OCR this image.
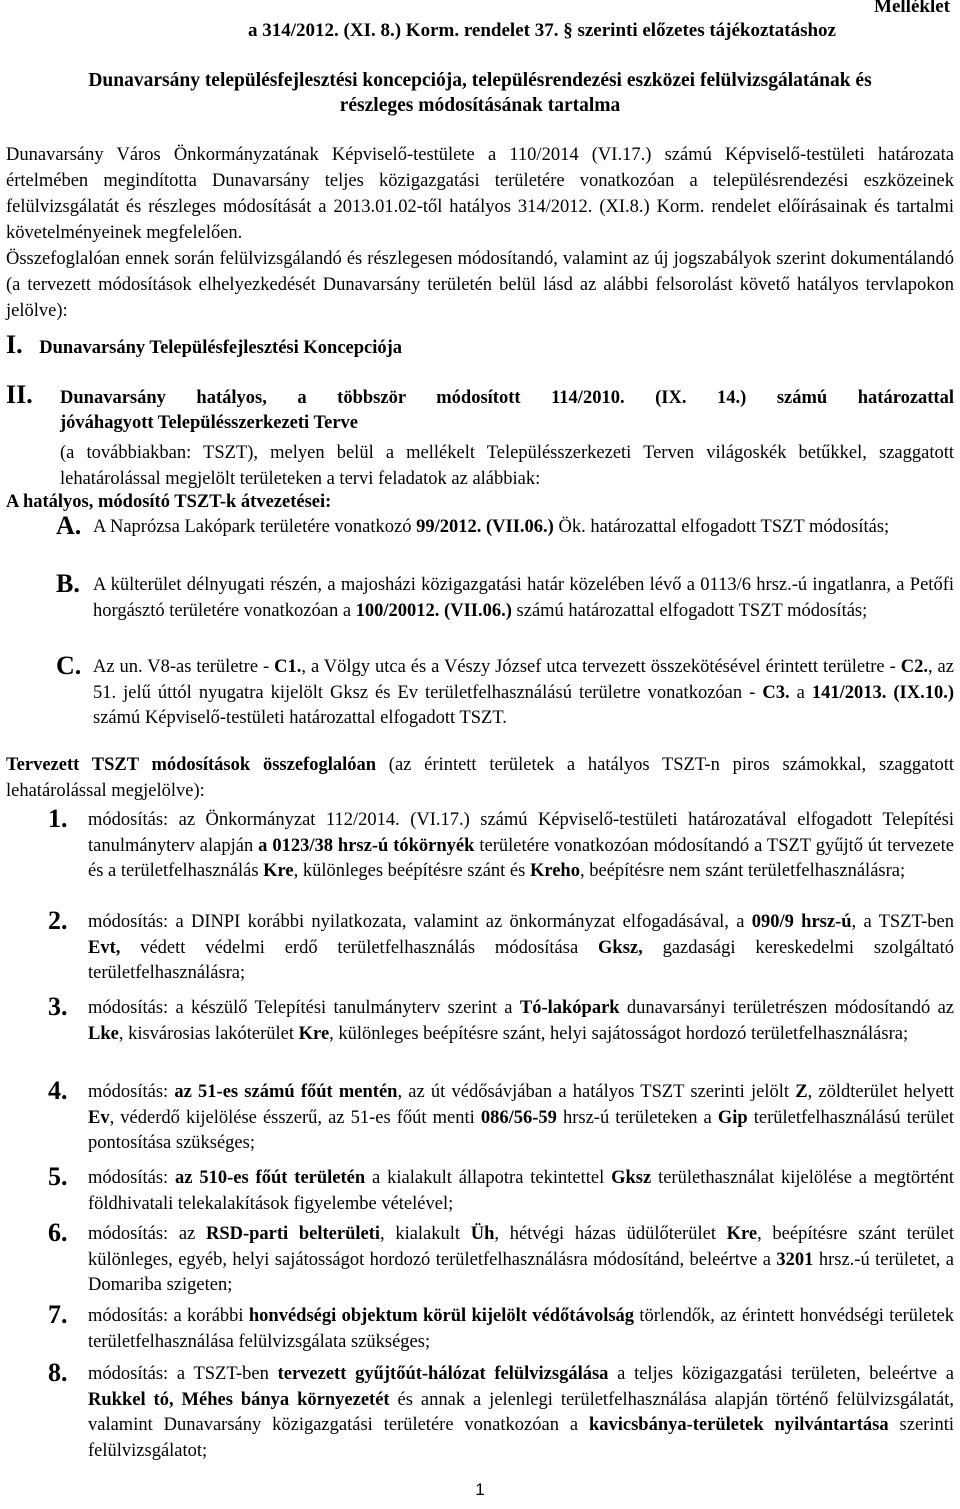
Melléklet
a 314/2012. (XI. 8.) Korm. rendelet 37. § szerinti előzetes tájékoztatáshoz
Dunavarsány településfejlesztési koncepciója, településrendezési eszközei felülvizsgálatának és
részleges módosításának tartalma

Dunavarsány Város Önkormányzatának Képviselő-testülete a 110/2014 (VI.17.) számú Képviselő-testületi határozata értelmében megindította Dunavarsány teljes közigazgatási területére vonatkozóan a településrendezési eszközeinek felülvizsgálatát és részleges módosítását a 2013.01.02-től hatályos 314/2012. (XI.8.) Korm. rendelet előírásainak és tartalmi követelményeinek megfelelően.

Összefoglalóan ennek során felülvizsgálandó és részlegesen módosítandó, valamint az új jogszabályok szerint dokumentálandó (a tervezett módosítások elhelyezkedését Dunavarsány területén belül lásd az alábbi felsorolást követő hatályos tervlapokon jelölve):

I. Dunavarsány Településfejlesztési Koncepciója
II.	Dunavarsány hatályos, a többször módosított 114/2010. (IX. 14.) számú határozattal
jóváhagyott Településszerkezeti Terve

(a továbbiakban: TSZT), melyen belül a mellékelt Településszerkezeti Terven világoskék betűkkel, szaggatott lehatárolással megjelölt területeken a tervi feladatok az alábbiak:

A hatályos, módosító TSZT-k átvezetései:
A. A Naprózsa Lakópark területére vonatkozó 99/2012. (VII.06.) Ök. határozattal elfogadott TSZT módosítás;

B. A külterület délnyugati részén, a majosházi közigazgatási határ közelében lévő a 0113/6 hrsz.-ú ingatlanra, a Petőfi horgásztó területére vonatkozóan a 100/20012. (VII.06.) számú határozattal elfogadott TSZT módosítás;

C. Az un. V8-as területre - C1., a Völgy utca és a Vészy József utca tervezett összekötésével érintett területre - C2., az 51. jelű úttól nyugatra kijelölt Gksz és Ev területfelhasználású területre vonatkozóan - C3. a 141/2013. (IX.10.) számú Képviselő-testületi határozattal elfogadott TSZT.

Tervezett TSZT módosítások összefoglalóan (az érintett területek a hatályos TSZT-n piros számokkal, szaggatott lehatárolással megjelölve):

1. módosítás: az Önkormányzat 112/2014. (VI.17.) számú Képviselő-testületi határozatával elfogadott Telepítési tanulmányterv alapján a 0123/38 hrsz-ú tókörnyék területére vonatkozóan módosítandó a TSZT gyűjtő út tervezete és a területfelhasználás Kre, különleges beépítésre szánt és Kreho, beépítésre nem szánt területfelhasználásra;

2. módosítás: a DINPI korábbi nyilatkozata, valamint az önkormányzat elfogadásával, a 090/9 hrsz-ú, a TSZT-ben Evt, védett védelmi erdő területfelhasználás módosítása Gksz, gazdasági kereskedelmi szolgáltató területfelhasználásra;

3. módosítás: a készülő Telepítési tanulmányterv szerint a Tó-lakópark dunavarsányi területrészen módosítandó az Lke, kisvárosias lakóterület Kre, különleges beépítésre szánt, helyi sajátosságot hordozó területfelhasználásra;

4. módosítás: az 51-es számú főút mentén, az út védősávjában a hatályos TSZT szerinti jelölt Z, zöldterület helyett Ev, véderdő kijelölése ésszerű, az 51-es főút menti 086/56-59 hrsz-ú területeken a Gip területfelhasználású terület pontosítása szükséges;

5. módosítás: az 510-es főút területén a kialakult állapotra tekintettel Gksz területhasználat kijelölése a megtörtént földhivatali telekalakítások figyelembe vételével;

6. módosítás: az RSD-parti belterületi, kialakult Üh, hétvégi házas üdülőterület Kre, beépítésre szánt terület különleges, egyéb, helyi sajátosságot hordozó területfelhasználásra módosítánd, beleértve a 3201 hrsz.-ú területet, a Domariba szigeten;

7. módosítás: a korábbi honvédségi objektum körül kijelölt védőtávolság törlendők, az érintett honvédségi területek területfelhasználása felülvizsgálata szükséges;

8. módosítás: a TSZT-ben tervezett gyűjtőút-hálózat felülvizsgálása a teljes közigazgatási területen, beleértve a Rukkel tó, Méhes bánya környezetét és annak a jelenlegi területfelhasználása alapján történő felülvizsgálatát, valamint Dunavarsány közigazgatási területére vonatkozóan a kavicsbánya-területek nyilvántartása szerinti felülvizsgálatot;

1
